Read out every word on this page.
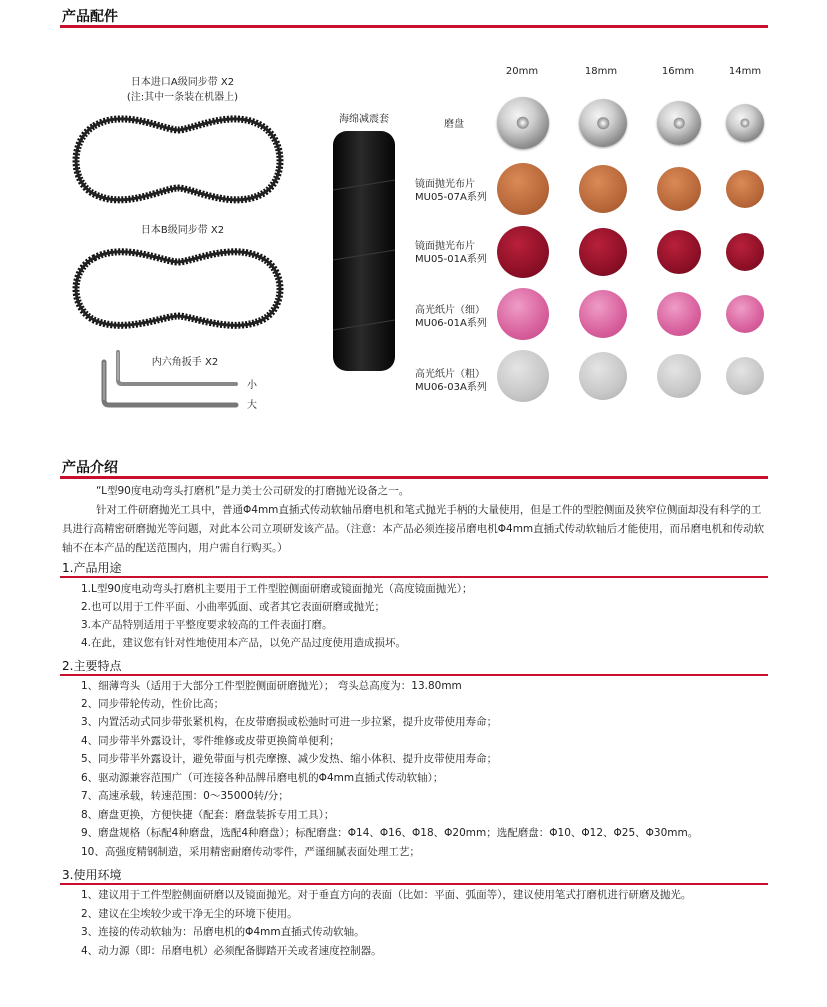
产品配件
日本进口A级同步带 X2
(注:其中一条装在机器上)
日本B级同步带 X2
内六角扳手 X2
小
大
海绵减震套
20mm	18mm	16mm	14mm
磨盘
镜面抛光布片
MU05-07A系列
镜面抛光布片
MU05-01A系列
高光纸片（细）
MU06-01A系列
高光纸片（粗）
MU06-03A系列
产品介绍
“L型90度电动弯头打磨机”是力美士公司研发的打磨抛光设备之一。
针对工件研磨抛光工具中，普通Φ4mm直插式传动软轴吊磨电机和笔式抛光手柄的大量使用，但是工件的型腔侧面及狭窄位侧面却没有科学的工具进行高精密研磨抛光等问题，对此本公司立项研发该产品。（注意：本产品必须连接吊磨电机Φ4mm直插式传动软轴后才能使用，而吊磨电机和传动软轴不在本产品的配送范围内，用户需自行购买。）
1.产品用途
1.L型90度电动弯头打磨机主要用于工件型腔侧面研磨或镜面抛光（高度镜面抛光）；
2.也可以用于工件平面、小曲率弧面、或者其它表面研磨或抛光；
3.本产品特别适用于平整度要求较高的工件表面打磨。
4.在此，建议您有针对性地使用本产品，以免产品过度使用造成损坏。
2.主要特点
1、细薄弯头（适用于大部分工件型腔侧面研磨抛光）； 弯头总高度为：13.80mm
2、同步带轮传动，性价比高；
3、内置活动式同步带张紧机构，在皮带磨损或松弛时可进一步拉紧，提升皮带使用寿命；
4、同步带半外露设计，零件维修或皮带更换简单便利；
5、同步带半外露设计，避免带面与机壳摩擦、减少发热、缩小体积、提升皮带使用寿命；
6、驱动源兼容范围广（可连接各种品牌吊磨电机的Φ4mm直插式传动软轴）；
7、高速承载，转速范围：0～35000转/分；
8、磨盘更换，方便快捷（配套：磨盘装拆专用工具）；
9、磨盘规格（标配4种磨盘，选配4种磨盘）；标配磨盘：Φ14、Φ16、Φ18、Φ20mm；选配磨盘：Φ10、Φ12、Φ25、Φ30mm。
10、高强度精钢制造，采用精密耐磨传动零件，严谨细腻表面处理工艺；
3.使用环境
1、建议用于工件型腔侧面研磨以及镜面抛光。对于垂直方向的表面（比如：平面、弧面等），建议使用笔式打磨机进行研磨及抛光。
2、建议在尘埃较少或干净无尘的环境下使用。
3、连接的传动软轴为：吊磨电机的Φ4mm直插式传动软轴。
4、动力源（即：吊磨电机）必须配备脚踏开关或者速度控制器。
